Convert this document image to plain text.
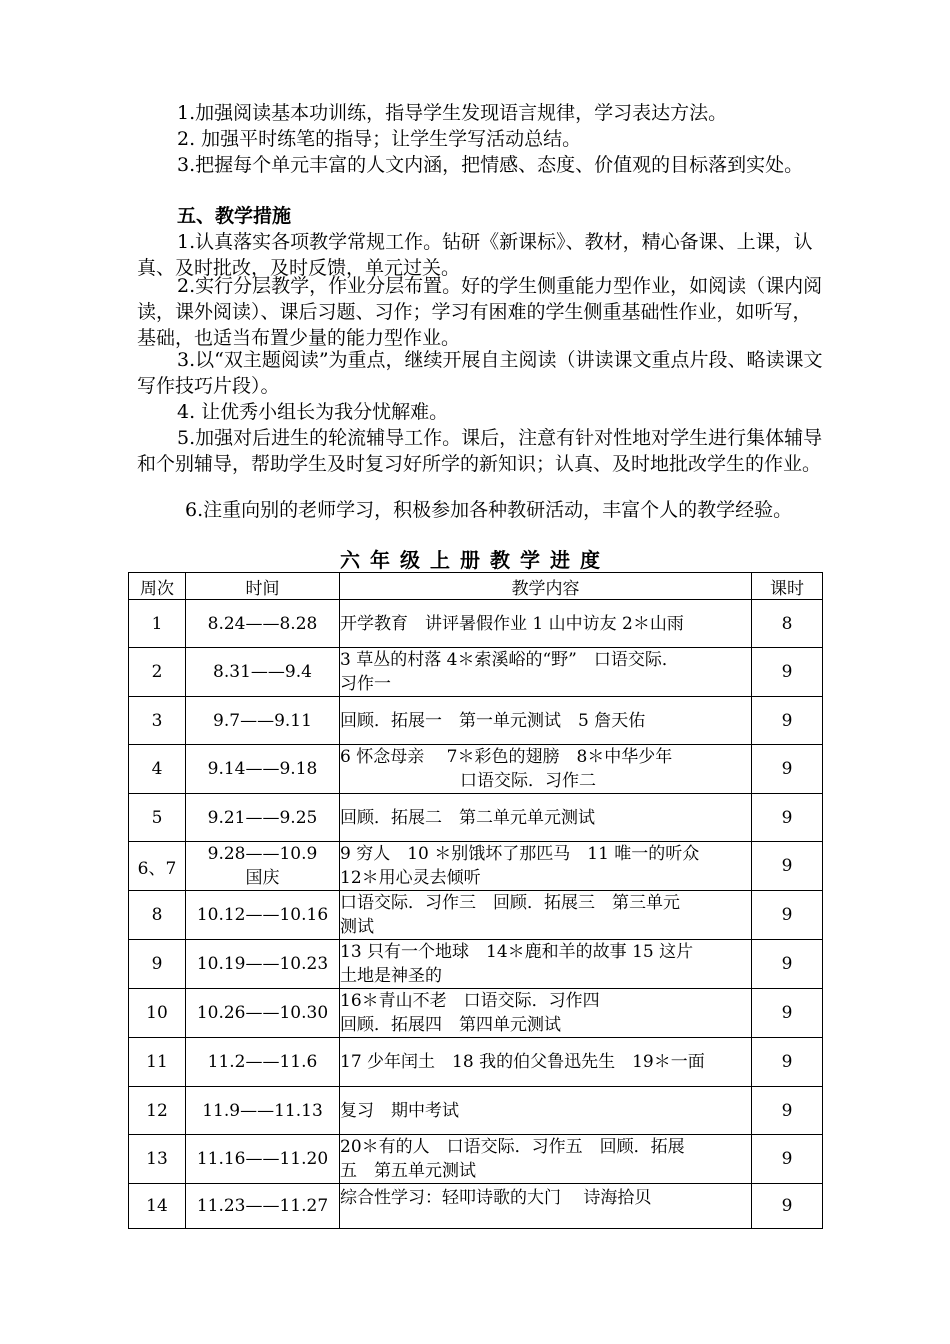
1.加强阅读基本功训练，指导学生发现语言规律，学习表达方法。

2. 加强平时练笔的指导；让学生学写活动总结。

3.把握每个单元丰富的人文内涵，把情感、态度、价值观的目标落到实处。

五、教学措施

1.认真落实各项教学常规工作。钻研《新课标》、教材，精心备课、上课，认真、及时批改，及时反馈，单元过关。

2.实行分层教学，作业分层布置。好的学生侧重能力型作业，如阅读（课内阅读，课外阅读）、课后习题、习作；学习有困难的学生侧重基础性作业，如听写，基础，也适当布置少量的能力型作业。

3.以“双主题阅读”为重点，继续开展自主阅读（讲读课文重点片段、略读课文写作技巧片段）。

4. 让优秀小组长为我分忧解难。

5.加强对后进生的轮流辅导工作。课后，注意有针对性地对学生进行集体辅导和个别辅导，帮助学生及时复习好所学的新知识；认真、及时地批改学生的作业。

6.注重向别的老师学习，积极参加各种教研活动，丰富个人的教学经验。

六年级上册教学进度
周次	时间	教学内容	课时
1	8.24——8.28	开学教育　讲评暑假作业 1 山中访友 2＊山雨	8
2	8.31——9.4	3 草丛的村落 4＊索溪峪的“野”　口语交际．
习作一	9
3	9.7——9.11	回顾．拓展一　第一单元测试　5 詹天佑	9
4	9.14——9.18	6 怀念母亲　 7＊彩色的翅膀　8＊中华少年
口语交际．习作二	9
5	9.21——9.25	回顾．拓展二　第二单元单元测试	9
6、7	9.28——10.9
国庆	9 穷人　10 ＊别饿坏了那匹马　11 唯一的听众
12＊用心灵去倾听	9
8	10.12——10.16	口语交际．习作三　回顾．拓展三　第三单元
测试	9
9	10.19——10.23	13 只有一个地球　14＊鹿和羊的故事 15 这片
土地是神圣的	9
10	10.26——10.30	16＊青山不老　口语交际．习作四
回顾．拓展四　第四单元测试	9
11	11.2——11.6	17 少年闰土　18 我的伯父鲁迅先生　19＊一面	9
12	11.9——11.13	复习　期中考试	9
13	11.16——11.20	20＊有的人　口语交际．习作五　回顾．拓展
五　第五单元测试	9
14	11.23——11.27	综合性学习：轻叩诗歌的大门　 诗海拾贝	9
